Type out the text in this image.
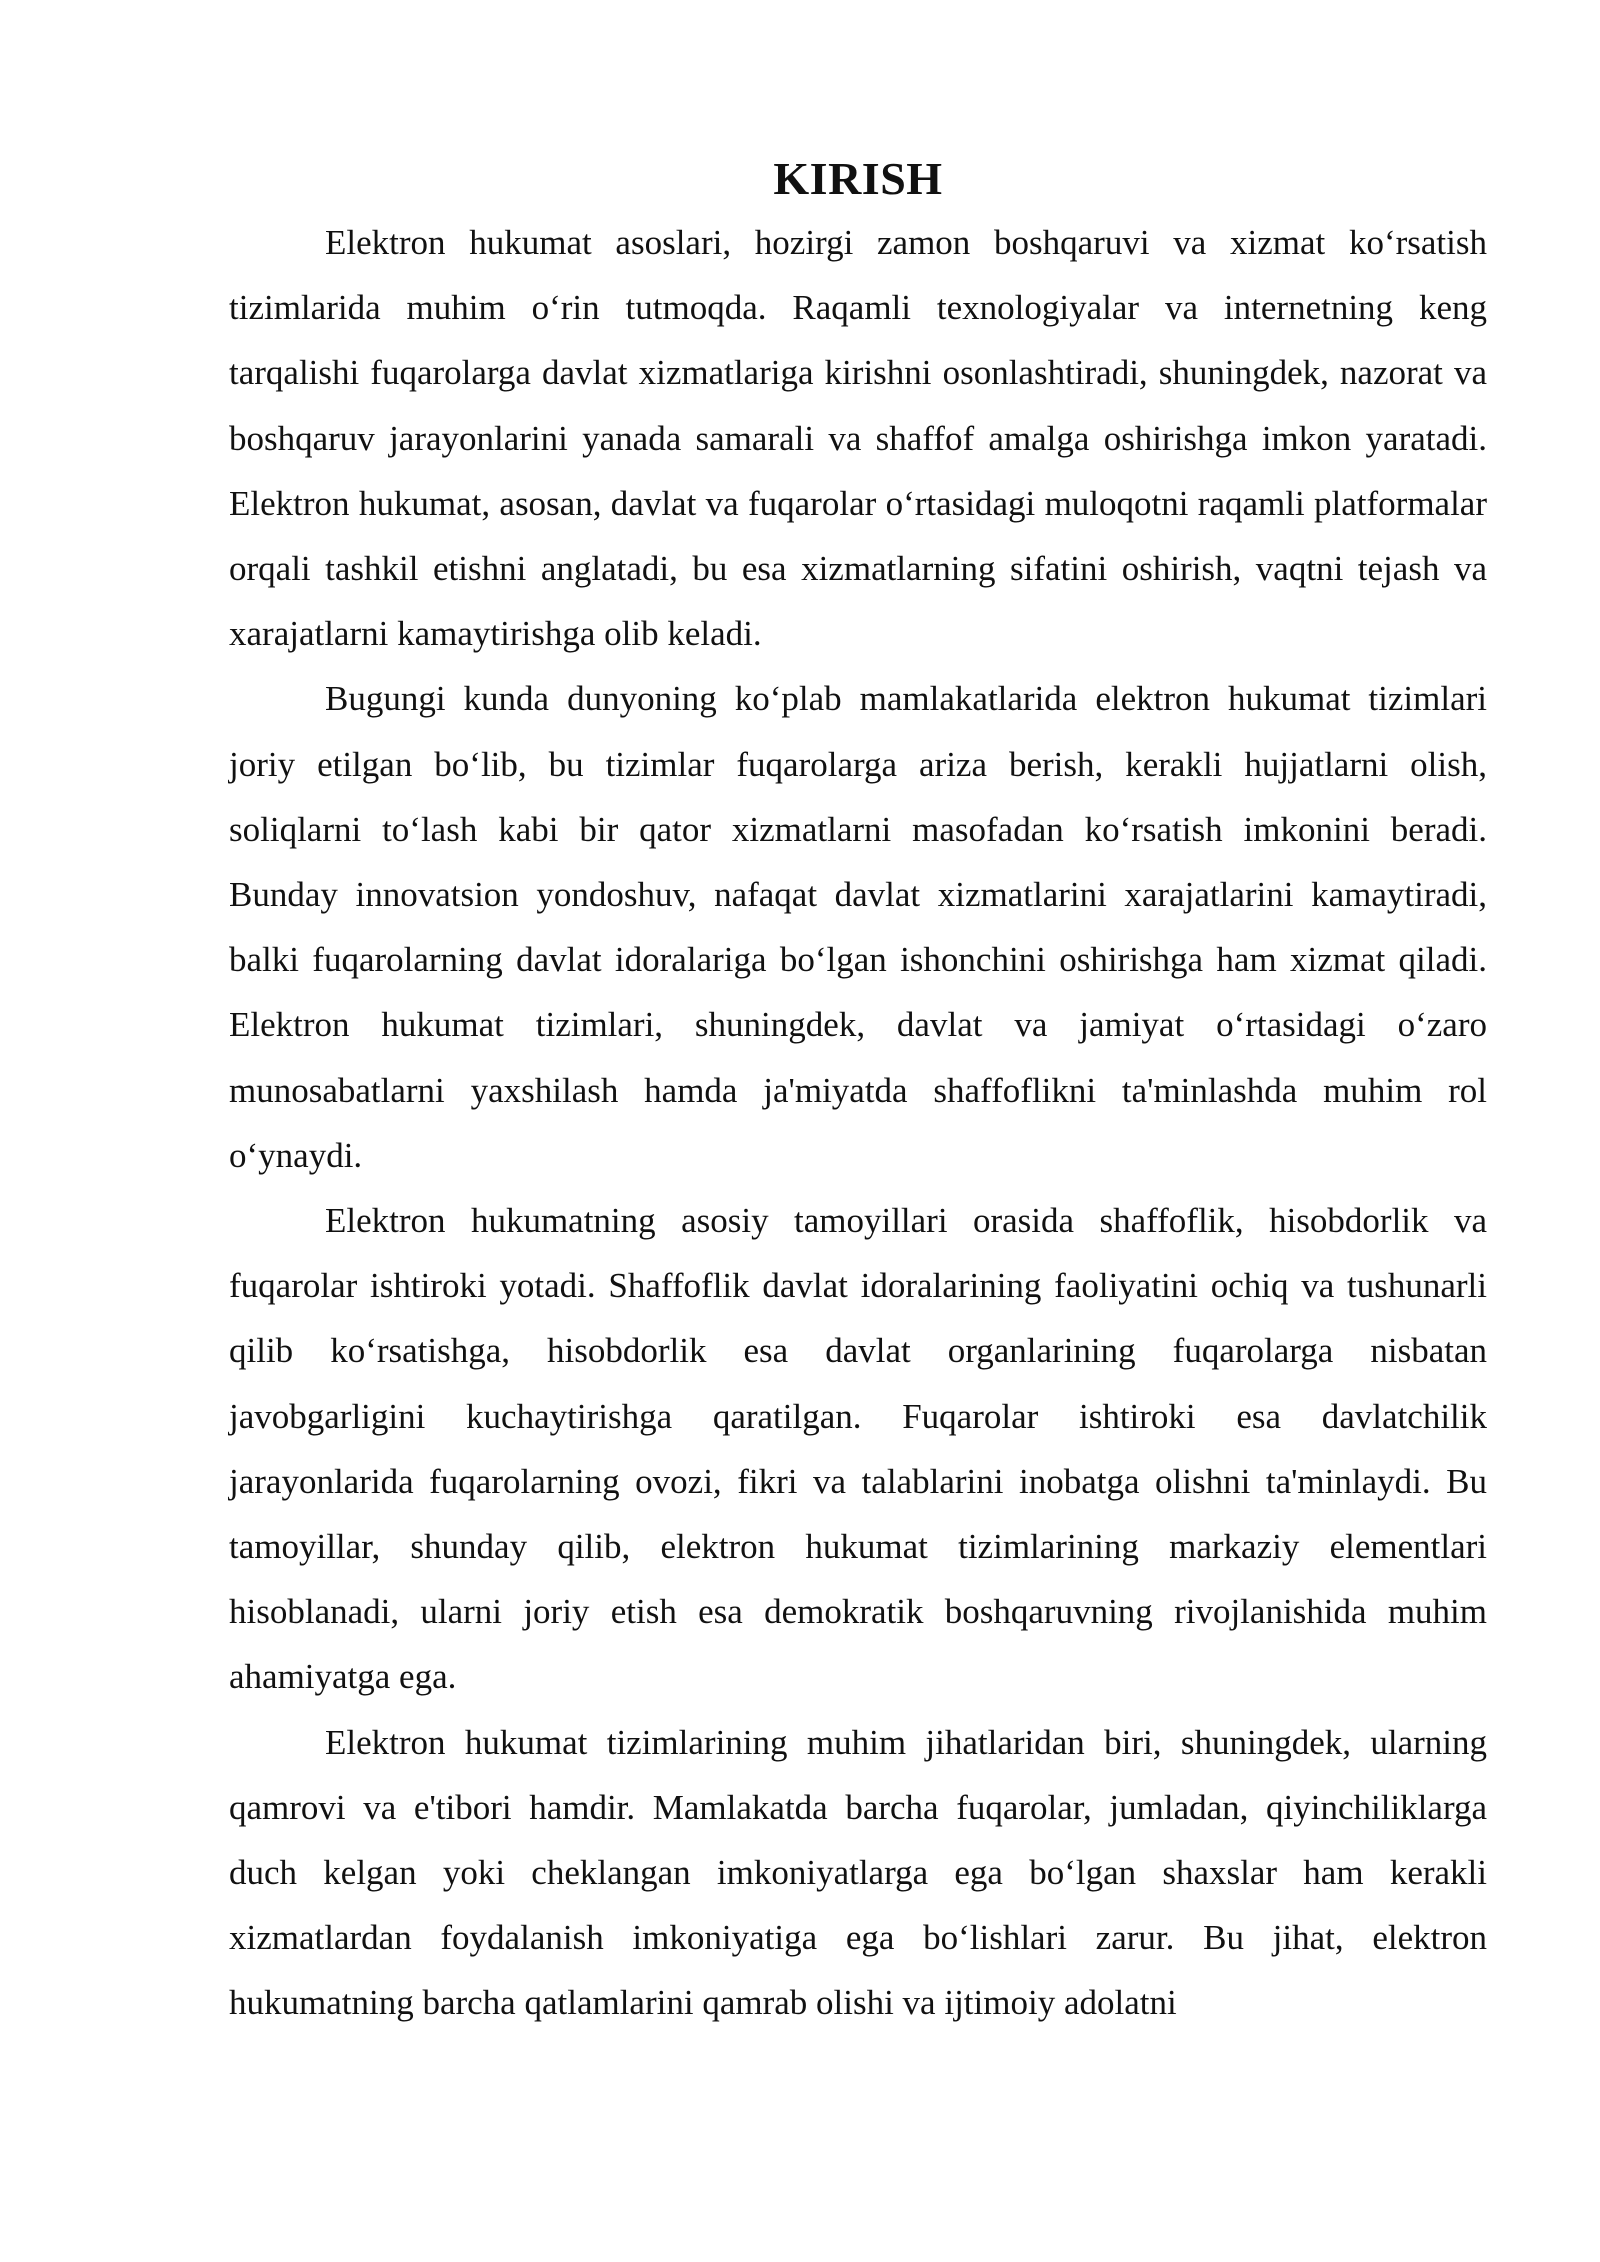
KIRISH

Elektron hukumat asoslari, hozirgi zamon boshqaruvi va xizmat ko‘rsatish tizimlarida muhim o‘rin tutmoqda. Raqamli texnologiyalar va internetning keng tarqalishi fuqarolarga davlat xizmatlariga kirishni osonlashtiradi, shuningdek, nazorat va boshqaruv jarayonlarini yanada samarali va shaffof amalga oshirishga imkon yaratadi. Elektron hukumat, asosan, davlat va fuqarolar o‘rtasidagi muloqotni raqamli platformalar orqali tashkil etishni anglatadi, bu esa xizmatlarning sifatini oshirish, vaqtni tejash va xarajatlarni kamaytirishga olib keladi.

Bugungi kunda dunyoning ko‘plab mamlakatlarida elektron hukumat tizimlari joriy etilgan bo‘lib, bu tizimlar fuqarolarga ariza berish, kerakli hujjatlarni olish, soliqlarni to‘lash kabi bir qator xizmatlarni masofadan ko‘rsatish imkonini beradi. Bunday innovatsion yondoshuv, nafaqat davlat xizmatlarini xarajatlarini kamaytiradi, balki fuqarolarning davlat idoralariga bo‘lgan ishonchini oshirishga ham xizmat qiladi. Elektron hukumat tizimlari, shuningdek, davlat va jamiyat o‘rtasidagi o‘zaro munosabatlarni yaxshilash hamda ja'miyatda shaffoflikni ta'minlashda muhim rol o‘ynaydi.

Elektron hukumatning asosiy tamoyillari orasida shaffoflik, hisobdorlik va fuqarolar ishtiroki yotadi. Shaffoflik davlat idoralarining faoliyatini ochiq va tushunarli qilib ko‘rsatishga, hisobdorlik esa davlat organlarining fuqarolarga nisbatan javobgarligini kuchaytirishga qaratilgan. Fuqarolar ishtiroki esa davlatchilik jarayonlarida fuqarolarning ovozi, fikri va talablarini inobatga olishni ta'minlaydi. Bu tamoyillar, shunday qilib, elektron hukumat tizimlarining markaziy elementlari hisoblanadi, ularni joriy etish esa demokratik boshqaruvning rivojlanishida muhim ahamiyatga ega.

Elektron hukumat tizimlarining muhim jihatlaridan biri, shuningdek, ularning qamrovi va e'tibori hamdir. Mamlakatda barcha fuqarolar, jumladan, qiyinchiliklarga duch kelgan yoki cheklangan imkoniyatlarga ega bo‘lgan shaxslar ham kerakli xizmatlardan foydalanish imkoniyatiga ega bo‘lishlari zarur. Bu jihat, elektron hukumatning barcha qatlamlarini qamrab olishi va ijtimoiy adolatni
